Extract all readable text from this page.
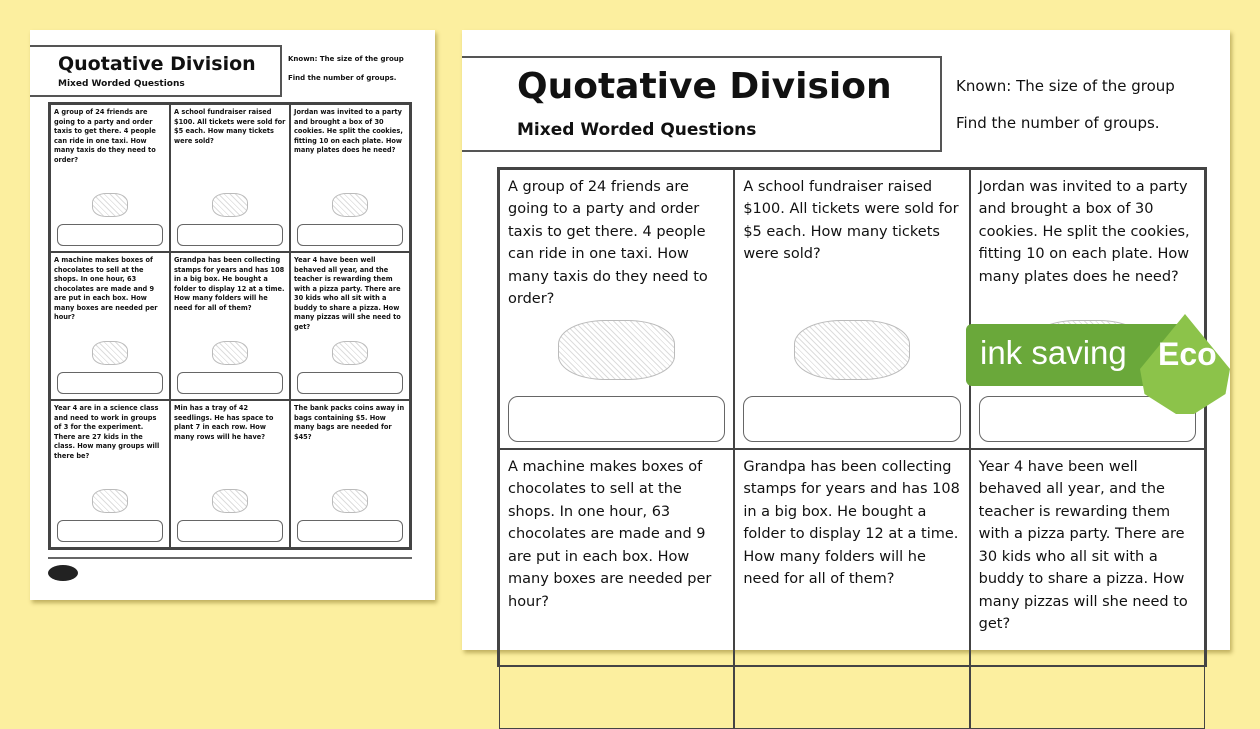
Quotative Division
Mixed Worded Questions
Known: The size of the group
Find the number of groups.
A group of 24 friends are going to a party and order taxis to get there. 4 people can ride in one taxi. How many taxis do they need to order?
A school fundraiser raised $100. All tickets were sold for $5 each. How many tickets were sold?
Jordan was invited to a party and brought a box of 30 cookies. He split the cookies, fitting 10 on each plate. How many plates does he need?
A machine makes boxes of chocolates to sell at the shops. In one hour, 63 chocolates are made and 9 are put in each box. How many boxes are needed per hour?
Grandpa has been collecting stamps for years and has 108 in a big box. He bought a folder to display 12 at a time. How many folders will he need for all of them?
Year 4 have been well behaved all year, and the teacher is rewarding them with a pizza party. There are 30 kids who all sit with a buddy to share a pizza. How many pizzas will she need to get?
Year 4 are in a science class and need to work in groups of 3 for the experiment. There are 27 kids in the class. How many groups will there be?
Min has a tray of 42 seedlings. He has space to plant 7 in each row. How many rows will he have?
The bank packs coins away in bags containing $5. How many bags are needed for $45?
Quotative Division
Mixed Worded Questions
Known: The size of the group
Find the number of groups.
A group of 24 friends are going to a party and order taxis to get there. 4 people can ride in one taxi. How many taxis do they need to order?
A school fundraiser raised $100. All tickets were sold for $5 each. How many tickets were sold?
Jordan was invited to a party and brought a box of 30 cookies. He split the cookies, fitting 10 on each plate. How many plates does he need?
A machine makes boxes of chocolates to sell at the shops. In one hour, 63 chocolates are made and 9 are put in each box. How many boxes are needed per hour?
Grandpa has been collecting stamps for years and has 108 in a big box. He bought a folder to display 12 at a time. How many folders will he need for all of them?
Year 4 have been well behaved all year, and the teacher is rewarding them with a pizza party. There are 30 kids who all sit with a buddy to share a pizza. How many pizzas will she need to get?
ink saving Eco
